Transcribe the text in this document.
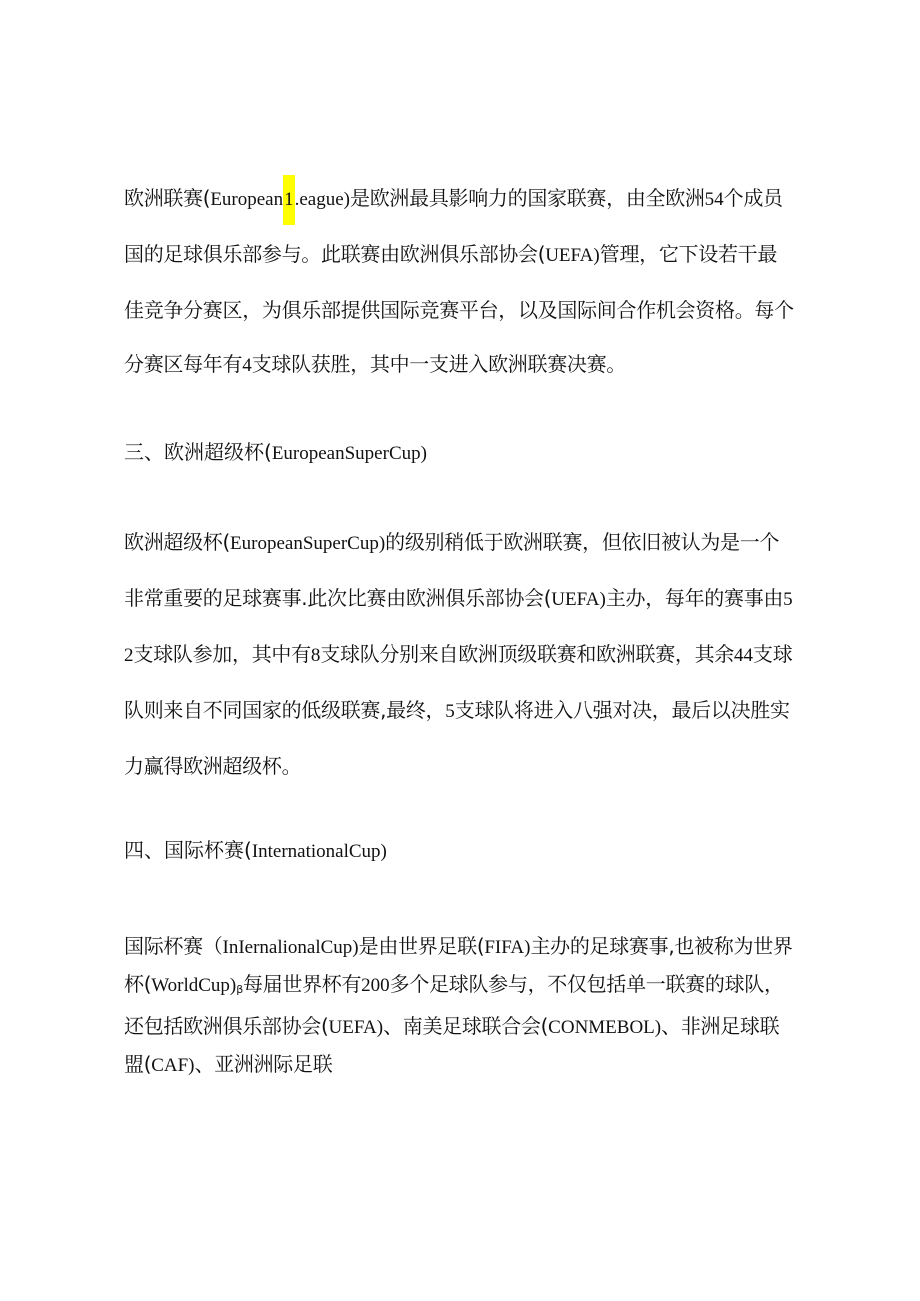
欧洲联赛(European1.eague)是欧洲最具影响力的国家联赛，由全欧洲54个成员国的足球俱乐部参与。此联赛由欧洲俱乐部协会(UEFA)管理，它下设若干最佳竞争分赛区，为俱乐部提供国际竞赛平台，以及国际间合作机会资格。每个分赛区每年有4支球队获胜，其中一支进入欧洲联赛决赛。

三、欧洲超级杯(EuropeanSuperCup)

欧洲超级杯(EuropeanSuperCup)的级别稍低于欧洲联赛，但依旧被认为是一个非常重要的足球赛事.此次比赛由欧洲俱乐部协会(UEFA)主办，每年的赛事由52支球队参加，其中有8支球队分别来自欧洲顶级联赛和欧洲联赛，其余44支球队则来自不同国家的低级联赛,最终，5支球队将进入八强对决，最后以决胜实力赢得欧洲超级杯。

四、国际杯赛(InternationalCup)

国际杯赛（InIernalionalCup)是由世界足联(FIFA)主办的足球赛事,也被称为世界杯(WorldCup)β每届世界杯有200多个足球队参与，不仅包括单一联赛的球队，还包括欧洲俱乐部协会(UEFA)、南美足球联合会(CONMEBOL)、非洲足球联盟(CAF)、亚洲洲际足联
